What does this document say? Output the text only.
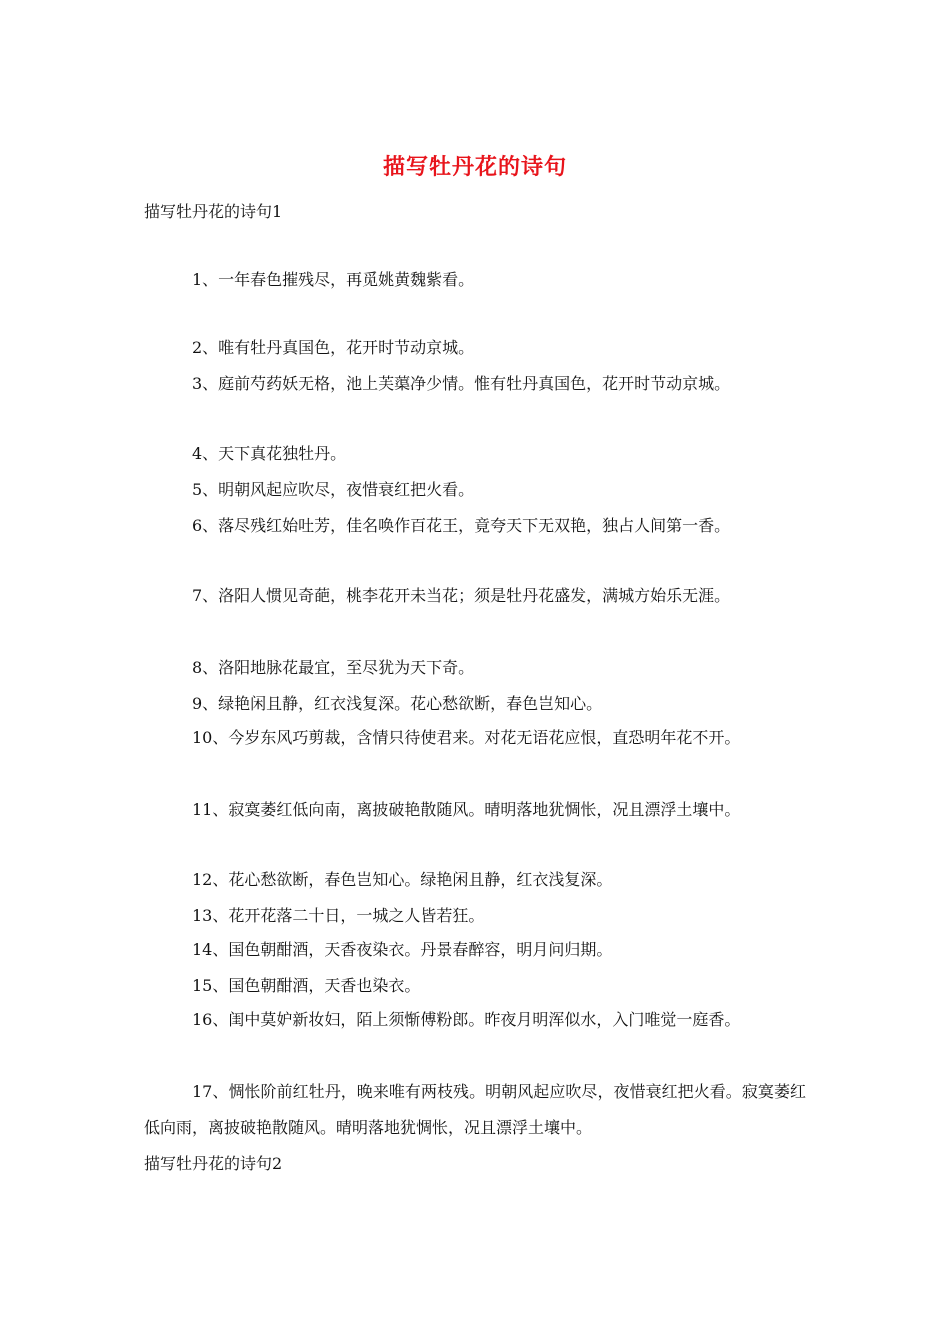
描写牡丹花的诗句
描写牡丹花的诗句1

1、一年春色摧残尽，再觅姚黄魏紫看。

2、唯有牡丹真国色，花开时节动京城。

3、庭前芍药妖无格，池上芙蕖净少情。惟有牡丹真国色，花开时节动京城。

4、天下真花独牡丹。

5、明朝风起应吹尽，夜惜衰红把火看。

6、落尽残红始吐芳，佳名唤作百花王，竟夸天下无双艳，独占人间第一香。

7、洛阳人惯见奇葩，桃李花开未当花；须是牡丹花盛发，满城方始乐无涯。

8、洛阳地脉花最宜，至尽犹为天下奇。

9、绿艳闲且静，红衣浅复深。花心愁欲断，春色岂知心。

10、今岁东风巧剪裁，含情只待使君来。对花无语花应恨，直恐明年花不开。

11、寂寞萎红低向南，离披破艳散随风。晴明落地犹惆怅，况且漂浮土壤中。

12、花心愁欲断，春色岂知心。绿艳闲且静，红衣浅复深。

13、花开花落二十日，一城之人皆若狂。

14、国色朝酣酒，天香夜染衣。丹景春醉容，明月问归期。

15、国色朝酣酒，天香也染衣。

16、闺中莫妒新妆妇，陌上须惭傅粉郎。昨夜月明浑似水，入门唯觉一庭香。

17、惆怅阶前红牡丹，晚来唯有两枝残。明朝风起应吹尽，夜惜衰红把火看。寂寞萎红低向雨，离披破艳散随风。晴明落地犹惆怅，况且漂浮土壤中。

描写牡丹花的诗句2
